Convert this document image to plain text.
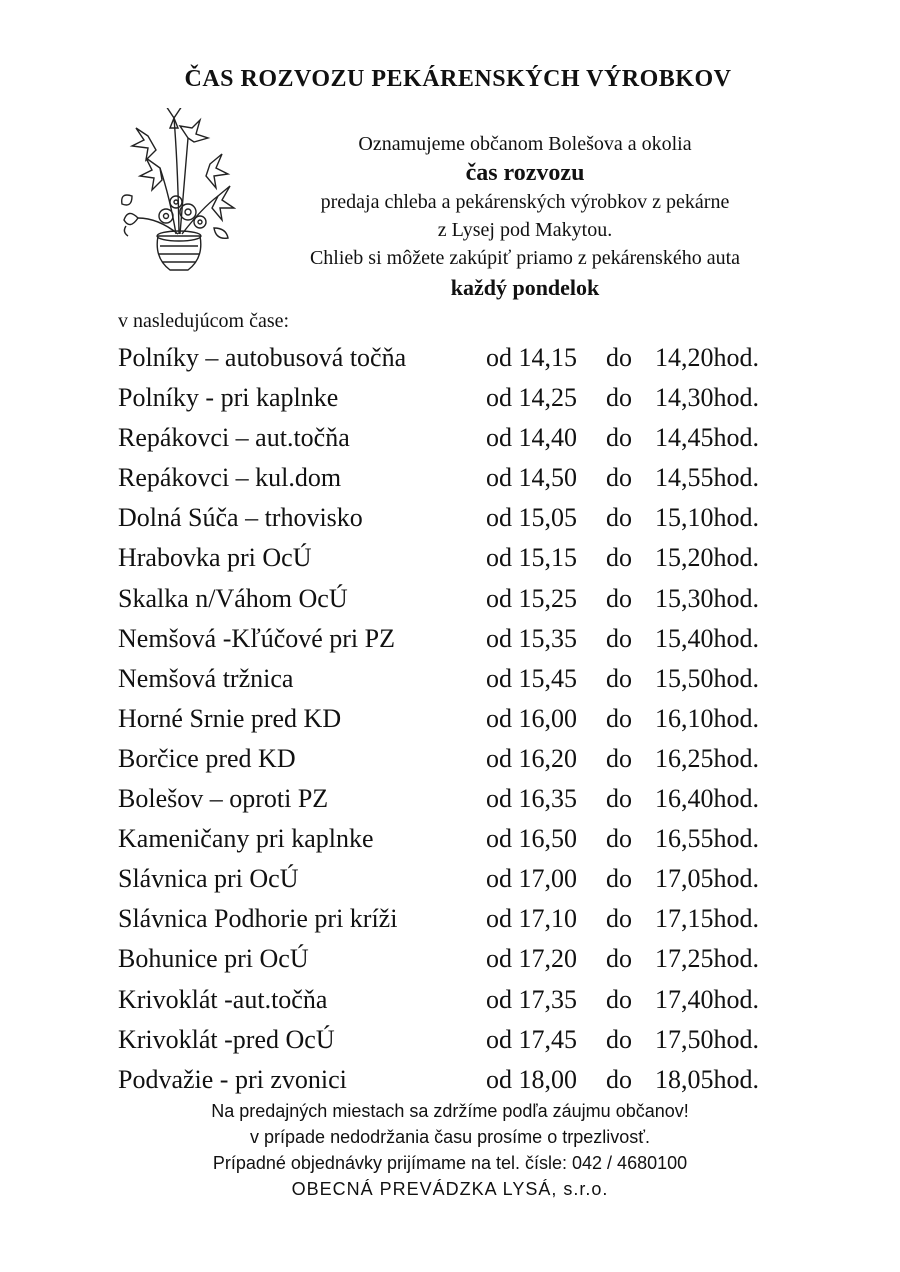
ČAS ROZVOZU PEKÁRENSKÝCH VÝROBKOV
Oznamujeme občanom Bolešova a okolia
čas rozvozu
predaja chleba a pekárenských výrobkov z pekárne
z Lysej pod Makytou.
Chlieb si môžete zakúpiť priamo z pekárenského auta
každý pondelok
v nasledujúcom čase:
Polníky – autobusová točňa	od 14,15 do 14,20hod.
Polníky - pri kaplnke	od 14,25 do 14,30hod.
Repákovci – aut.točňa	od 14,40 do 14,45hod.
Repákovci – kul.dom	od 14,50 do 14,55hod.
Dolná Súča – trhovisko	od 15,05 do 15,10hod.
Hrabovka pri OcÚ	od 15,15 do 15,20hod.
Skalka n/Váhom OcÚ	od 15,25 do 15,30hod.
Nemšová -Kľúčové pri PZ	od 15,35 do 15,40hod.
Nemšová tržnica	od 15,45 do 15,50hod.
Horné Srnie pred KD	od 16,00 do 16,10hod.
Borčice pred KD	od 16,20 do 16,25hod.
Bolešov – oproti PZ	od 16,35 do 16,40hod.
Kameničany pri kaplnke	od 16,50 do 16,55hod.
Slávnica pri OcÚ	od 17,00 do 17,05hod.
Slávnica Podhorie pri kríži	od 17,10 do 17,15hod.
Bohunice pri OcÚ	od 17,20 do 17,25hod.
Krivoklát -aut.točňa	od 17,35 do 17,40hod.
Krivoklát -pred OcÚ	od 17,45 do 17,50hod.
Podvažie - pri zvonici	od 18,00 do 18,05hod.
Na predajných miestach sa zdržíme podľa záujmu občanov!
v prípade nedodržania času prosíme o trpezlivosť.
Prípadné objednávky prijímame na tel. čísle: 042 / 4680100
OBECNÁ PREVÁDZKA LYSÁ, s.r.o.
